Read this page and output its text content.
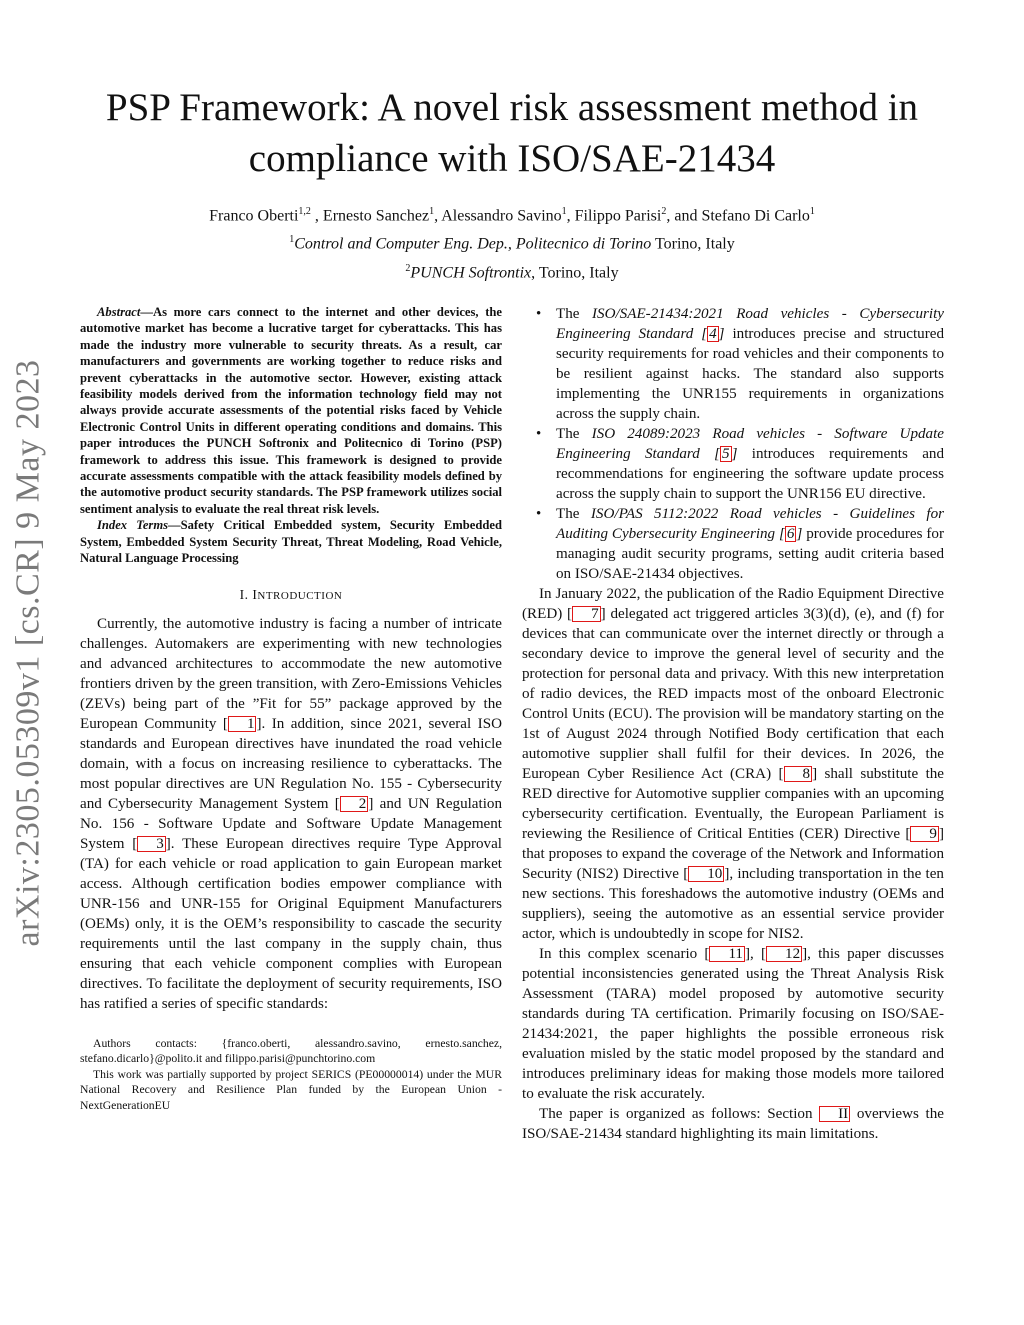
arXiv:2305.05309v1 [cs.CR] 9 May 2023
PSP Framework: A novel risk assessment method in
compliance with ISO/SAE-21434
Franco Oberti$^{1,2}$ , Ernesto Sanchez$^1$, Alessandro Savino$^1$, Filippo Parisi$^2$, and Stefano Di Carlo$^1$
$^1$Control and Computer Eng. Dep., Politecnico di Torino Torino, Italy
$^2$PUNCH Softrontix, Torino, Italy

Abstract—As more cars connect to the internet and other devices, the automotive market has become a lucrative target for cyberattacks. This has made the industry more vulnerable to security threats. As a result, car manufacturers and governments are working together to reduce risks and prevent cyberattacks in the automotive sector. However, existing attack feasibility models derived from the information technology field may not always provide accurate assessments of the potential risks faced by Vehicle Electronic Control Units in different operating conditions and domains. This paper introduces the PUNCH Softronix and Politecnico di Torino (PSP) framework to address this issue. This framework is designed to provide accurate assessments compatible with the attack feasibility models defined by the automotive product security standards. The PSP framework utilizes social sentiment analysis to evaluate the real threat risk levels.

Index Terms—Safety Critical Embedded system, Security Embedded System, Embedded System Security Threat, Threat Modeling, Road Vehicle, Natural Language Processing

I. INTRODUCTION

Currently, the automotive industry is facing a number of intricate challenges. Automakers are experimenting with new technologies and advanced architectures to accommodate the new automotive frontiers driven by the green transition, with Zero-Emissions Vehicles (ZEVs) being part of the ”Fit for 55” package approved by the European Community [ 1 ]. In addition, since 2021, several ISO standards and European directives have inundated the road vehicle domain, with a focus on increasing resilience to cyberattacks. The most popular directives are UN Regulation No. 155 - Cybersecurity and Cybersecurity Management System [ 2 ] and UN Regulation No. 156 - Software Update and Software Update Management System [ 3 ]. These European directives require Type Approval (TA) for each vehicle or road application to gain European market access. Although certification bodies empower compliance with UNR-156 and UNR-155 for Original Equipment Manufacturers (OEMs) only, it is the OEM’s responsibility to cascade the security requirements until the last company in the supply chain, thus ensuring that each vehicle component complies with European directives. To facilitate the deployment of security requirements, ISO has ratified a series of specific standards:

Authors contacts: {franco.oberti, alessandro.savino, ernesto.sanchez, stefano.dicarlo}@polito.it and filippo.parisi@punchtorino.com

This work was partially supported by project SERICS (PE00000014) under the MUR National Recovery and Resilience Plan funded by the European Union - NextGenerationEU

• The ISO/SAE-21434:2021 Road vehicles - Cybersecurity Engineering Standard [ 4 ] introduces precise and structured security requirements for road vehicles and their components to be resilient against hacks. The standard also supports implementing the UNR155 requirements in organizations across the supply chain.
• The ISO 24089:2023 Road vehicles - Software Update Engineering Standard [ 5 ] introduces requirements and recommendations for engineering the software update process across the supply chain to support the UNR156 EU directive.
• The ISO/PAS 5112:2022 Road vehicles - Guidelines for Auditing Cybersecurity Engineering [ 6 ] provide procedures for managing audit security programs, setting audit criteria based on ISO/SAE-21434 objectives.

In January 2022, the publication of the Radio Equipment Directive (RED) [ 7 ] delegated act triggered articles 3(3)(d), (e), and (f) for devices that can communicate over the internet directly or through a secondary device to improve the general level of security and the protection for personal data and privacy. With this new interpretation of radio devices, the RED impacts most of the onboard Electronic Control Units (ECU). The provision will be mandatory starting on the 1st of August 2024 through Notified Body certification that each automotive supplier shall fulfil for their devices. In 2026, the European Cyber Resilience Act (CRA) [ 8 ] shall substitute the RED directive for Automotive supplier companies with an upcoming cybersecurity certification. Eventually, the European Parliament is reviewing the Resilience of Critical Entities (CER) Directive [ 9 ] that proposes to expand the coverage of the Network and Information Security (NIS2) Directive [ 10 ], including transportation in the ten new sections. This foreshadows the automotive industry (OEMs and suppliers), seeing the automotive as an essential service provider actor, which is undoubtedly in scope for NIS2.

In this complex scenario [ 11 ], [ 12 ], this paper discusses potential inconsistencies generated using the Threat Analysis Risk Assessment (TARA) model proposed by automotive security standards during TA certification. Primarily focusing on ISO/SAE-21434:2021, the paper highlights the possible erroneous risk evaluation misled by the static model proposed by the standard and introduces preliminary ideas for making those models more tailored to evaluate the risk accurately.

The paper is organized as follows: Section II overviews the ISO/SAE-21434 standard highlighting its main limitations.
